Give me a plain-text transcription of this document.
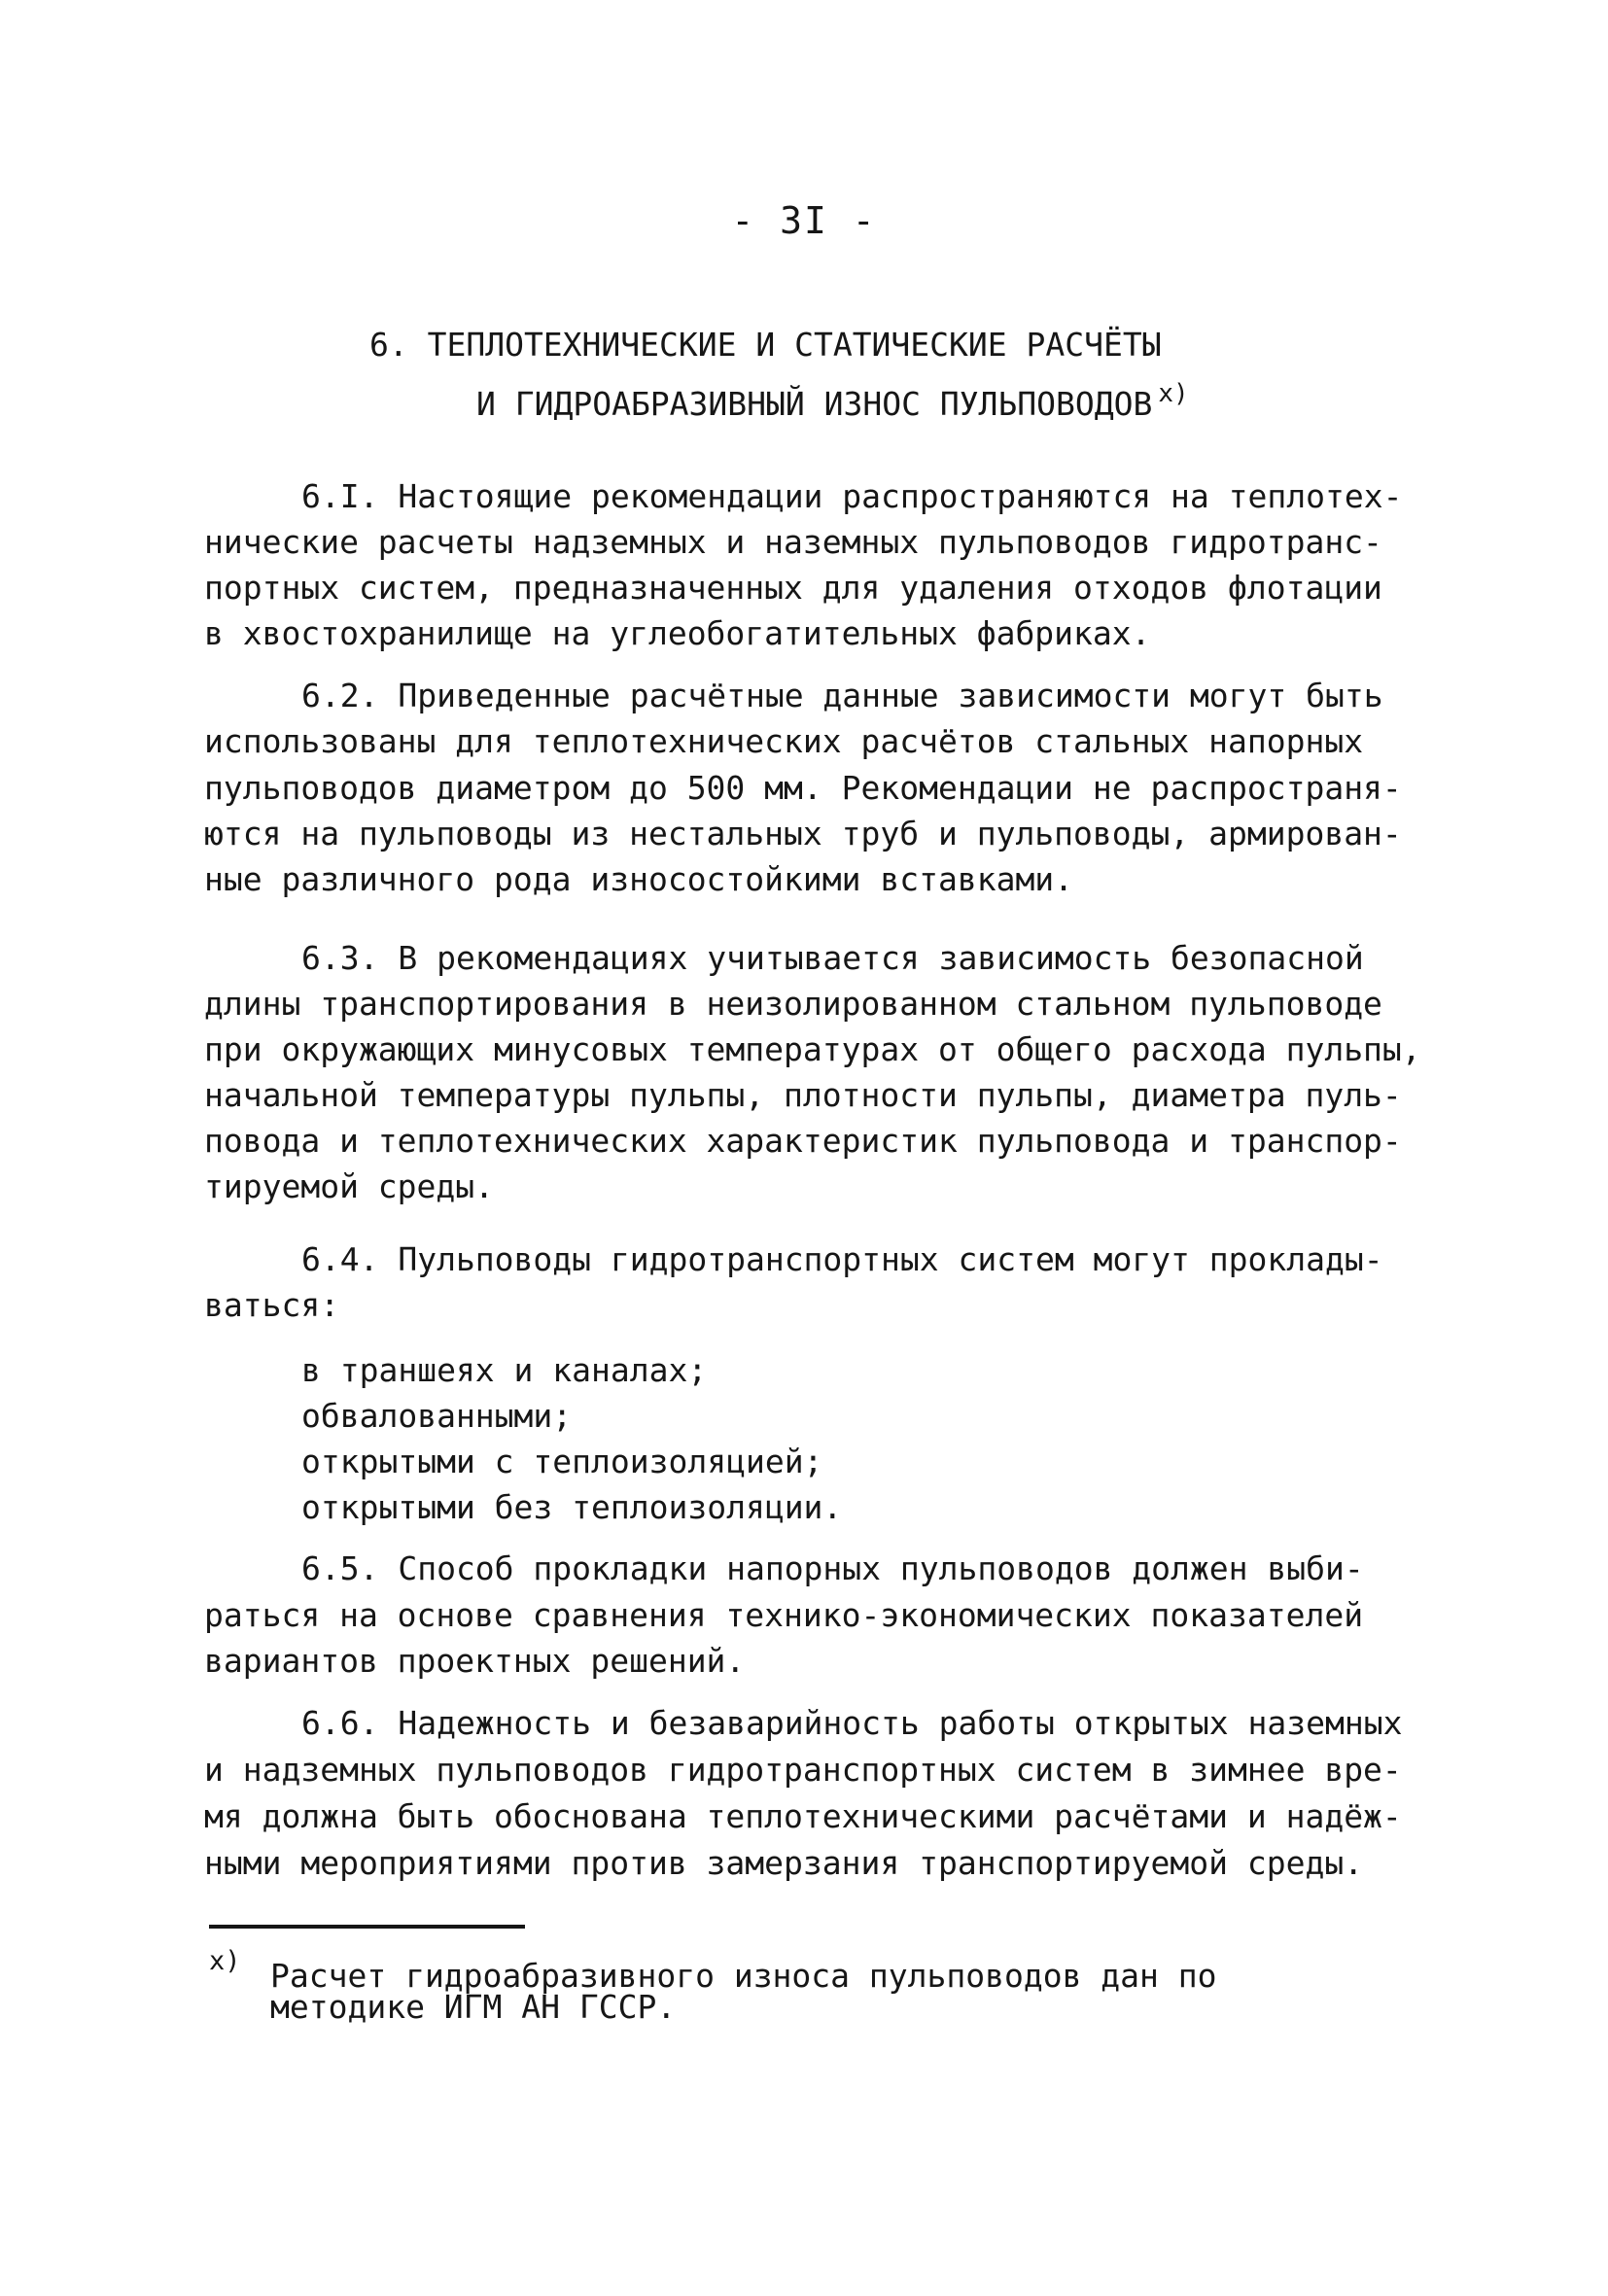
- 3I -
6. ТЕПЛОТЕХНИЧЕСКИЕ И СТАТИЧЕСКИЕ РАСЧЁТЫ
И ГИДРОАБРАЗИВНЫЙ ИЗНОС ПУЛЬПОВОДОВ $^{x)}$
6.I. Настоящие рекомендации распространяются на теплотех-
нические расчеты надземных и наземных пульповодов гидротранс-
портных систем, предназначенных для удаления отходов флотации
в хвостохранилище на углеобогатительных фабриках.
6.2. Приведенные расчётные данные зависимости могут быть
использованы для теплотехнических расчётов стальных напорных
пульповодов диаметром до 500 мм. Рекомендации не распространя-
ются на пульповоды из нестальных труб и пульповоды, армирован-
ные различного рода износостойкими вставками.
6.3. В рекомендациях учитывается зависимость безопасной
длины транспортирования в неизолированном стальном пульповоде
при окружающих минусовых температурах от общего расхода пульпы,
начальной температуры пульпы, плотности пульпы, диаметра пуль-
повода и теплотехнических характеристик пульповода и транспор-
тируемой среды.
6.4. Пульповоды гидротранспортных систем могут проклады-
ваться:
в траншеях и каналах;
обвалованными;
открытыми с теплоизоляцией;
открытыми без теплоизоляции.
6.5. Способ прокладки напорных пульповодов должен выби-
раться на основе сравнения технико-экономических показателей
вариантов проектных решений.
6.6. Надежность и безаварийность работы открытых наземных
и надземных пульповодов гидротранспортных систем в зимнее вре-
мя должна быть обоснована теплотехническими расчётами и надёж-
ными мероприятиями против замерзания транспортируемой среды.
x) Расчет гидроабразивного износа пульповодов дан по
методике ИГМ АН ГССР.
